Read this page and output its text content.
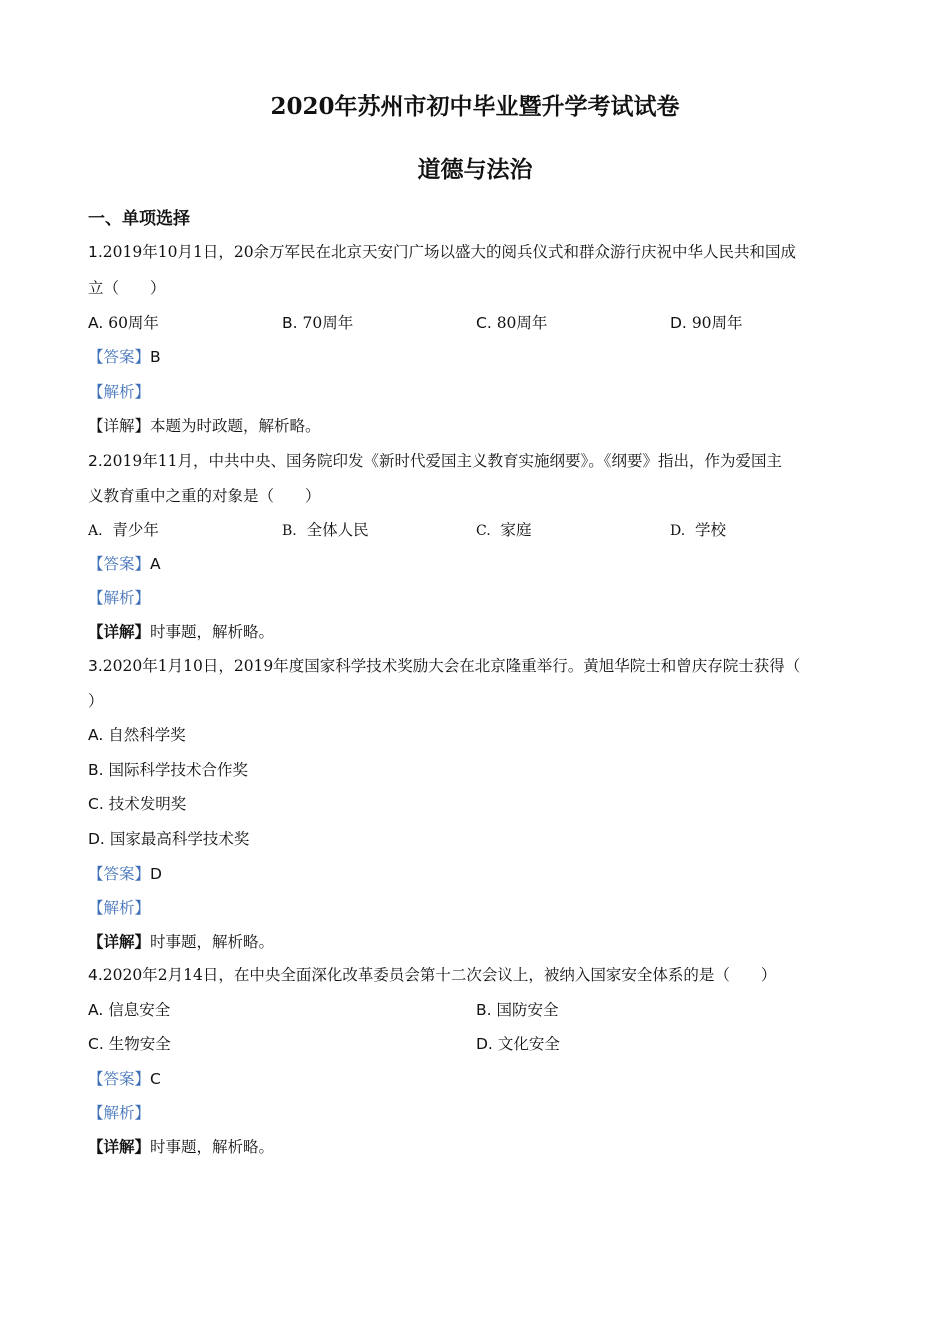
2020年苏州市初中毕业暨升学考试试卷
道德与法治
一、单项选择
1.2019年10月1日，20余万军民在北京天安门广场以盛大的阅兵仪式和群众游行庆祝中华人民共和国成
立（　　）
A. 60周年	B. 70周年	C. 80周年	D. 90周年
【答案】B
【解析】
【详解】本题为时政题，解析略。
2.2019年11月，中共中央、国务院印发《新时代爱国主义教育实施纲要》。《纲要》指出，作为爱国主
义教育重中之重的对象是（　　）
A. 青少年	B. 全体人民	C. 家庭	D. 学校
【答案】A
【解析】
【详解】时事题，解析略。
3.2020年1月10日，2019年度国家科学技术奖励大会在北京隆重举行。黄旭华院士和曾庆存院士获得（
）
A. 自然科学奖
B. 国际科学技术合作奖
C. 技术发明奖
D. 国家最高科学技术奖
【答案】D
【解析】
【详解】时事题，解析略。
4.2020年2月14日，在中央全面深化改革委员会第十二次会议上，被纳入国家安全体系的是（　　）
A. 信息安全	B. 国防安全
C. 生物安全	D. 文化安全
【答案】C
【解析】
【详解】时事题，解析略。
